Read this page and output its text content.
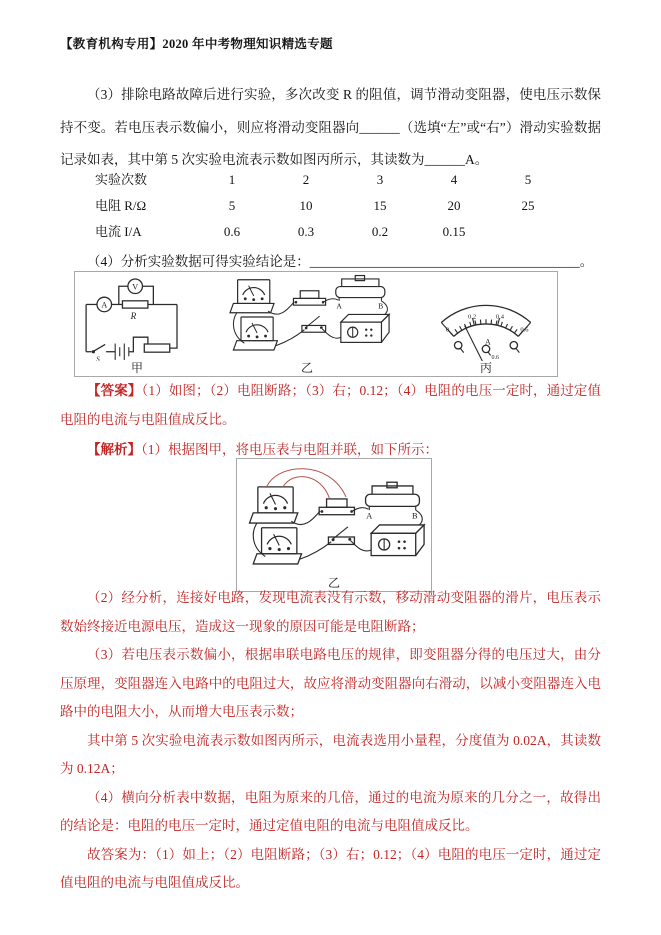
【教育机构专用】2020 年中考物理知识精选专题

（3）排除电路故障后进行实验，多次改变 R 的阻值，调节滑动变阻器，使电压示数保持不变。若电压表示数偏小，则应将滑动变阻器向______（选填“左”或“右”）滑动实验数据记录如表，其中第 5 次实验电流表示数如图丙所示，其读数为______A。

实验次数	1	2	3	4	5
电阻 R/Ω	5	10	15	20	25
电流 I/A	0.6	0.3	0.2	0.15

（4）分析实验数据可得实验结论是：________________________________________。

V
A
R
S
甲	乙
0
0.2	0.4
0.6
A
0.6
丙

【答案】（1）如图；（2）电阻断路；（3）右；0.12；（4）电阻的电压一定时，通过定值电阻的电流与电阻值成反比。

【解析】（1）根据图甲，将电压表与电阻并联，如下所示：

乙

（2）经分析，连接好电路，发现电流表没有示数，移动滑动变阻器的滑片，电压表示数始终接近电源电压，造成这一现象的原因可能是电阻断路；

（3）若电压表示数偏小，根据串联电路电压的规律，即变阻器分得的电压过大，由分压原理，变阻器连入电路中的电阻过大，故应将滑动变阻器向右滑动，以减小变阻器连入电路中的电阻大小，从而增大电压表示数；

其中第 5 次实验电流表示数如图丙所示，电流表选用小量程，分度值为 0.02A，其读数为 0.12A；

（4）横向分析表中数据，电阻为原来的几倍，通过的电流为原来的几分之一，故得出的结论是：电阻的电压一定时，通过定值电阻的电流与电阻值成反比。

故答案为：（1）如上；（2）电阻断路；（3）右；0.12；（4）电阻的电压一定时，通过定值电阻的电流与电阻值成反比。
